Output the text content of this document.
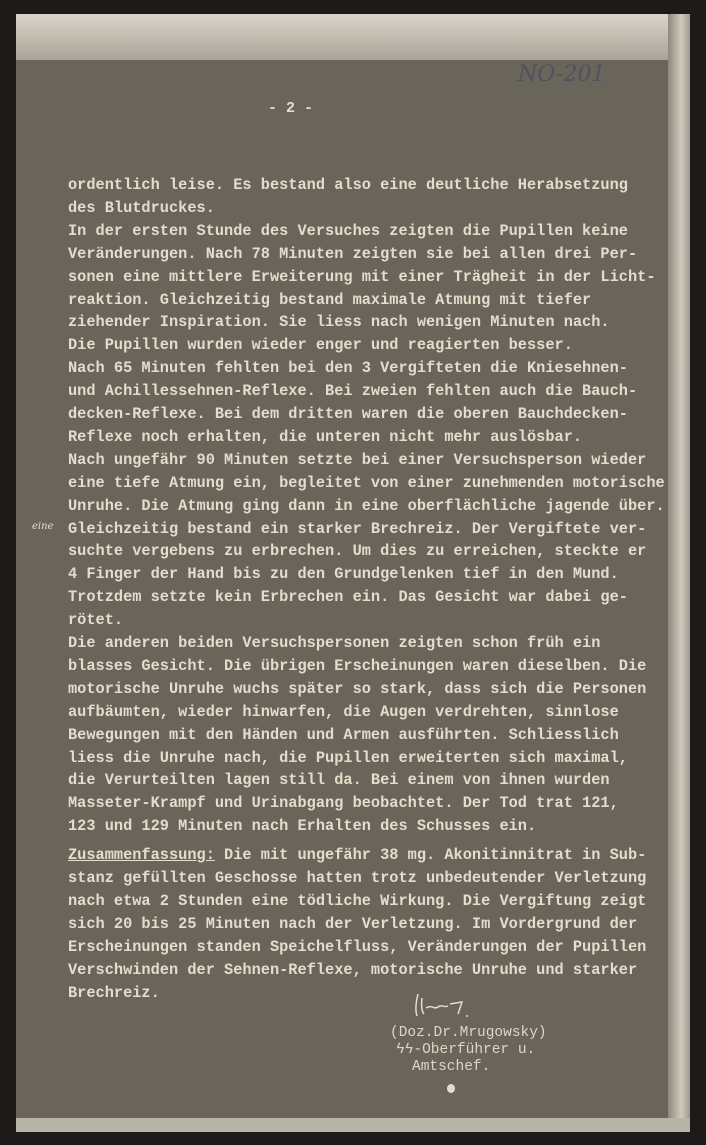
NO-201
- 2 -
ordentlich leise. Es bestand also eine deutliche Herabsetzung
des Blutdruckes.
In der ersten Stunde des Versuches zeigten die Pupillen keine
Veränderungen. Nach 78 Minuten zeigten sie bei allen drei Per-
sonen eine mittlere Erweiterung mit einer Trägheit in der Licht-
reaktion. Gleichzeitig bestand maximale Atmung mit tiefer
ziehender Inspiration. Sie liess nach wenigen Minuten nach.
Die Pupillen wurden wieder enger und reagierten besser.
Nach 65 Minuten fehlten bei den 3 Vergifteten die Kniesehnen-
und Achillessehnen-Reflexe. Bei zweien fehlten auch die Bauch-
decken-Reflexe. Bei dem dritten waren die oberen Bauchdecken-
Reflexe noch erhalten, die unteren nicht mehr auslösbar.
Nach ungefähr 90 Minuten setzte bei einer Versuchsperson wieder
eine tiefe Atmung ein, begleitet von einer zunehmenden motorische
Unruhe. Die Atmung ging dann in eine oberflächliche jagende über.
Gleichzeitig bestand ein starker Brechreiz. Der Vergiftete ver-
suchte vergebens zu erbrechen. Um dies zu erreichen, steckte er
4 Finger der Hand bis zu den Grundgelenken tief in den Mund.
Trotzdem setzte kein Erbrechen ein. Das Gesicht war dabei ge-
rötet.
Die anderen beiden Versuchspersonen zeigten schon früh ein
blasses Gesicht. Die übrigen Erscheinungen waren dieselben. Die
motorische Unruhe wuchs später so stark, dass sich die Personen
aufbäumten, wieder hinwarfen, die Augen verdrehten, sinnlose
Bewegungen mit den Händen und Armen ausführten. Schliesslich
liess die Unruhe nach, die Pupillen erweiterten sich maximal,
die Verurteilten lagen still da. Bei einem von ihnen wurden
Masseter-Krampf und Urinabgang beobachtet. Der Tod trat 121,
123 und 129 Minuten nach Erhalten des Schusses ein.
eine
Zusammenfassung: Die mit ungefähr 38 mg. Akonitinnitrat in Sub-
stanz gefüllten Geschosse hatten trotz unbedeutender Verletzung
nach etwa 2 Stunden eine tödliche Wirkung. Die Vergiftung zeigt
sich 20 bis 25 Minuten nach der Verletzung. Im Vordergrund der
Erscheinungen standen Speichelfluss, Veränderungen der Pupillen
Verschwinden der Sehnen-Reflexe, motorische Unruhe und starker
Brechreiz.
(Doz.Dr.Mrugowsky)
ϟϟ-Oberführer u.
Amtschef.
